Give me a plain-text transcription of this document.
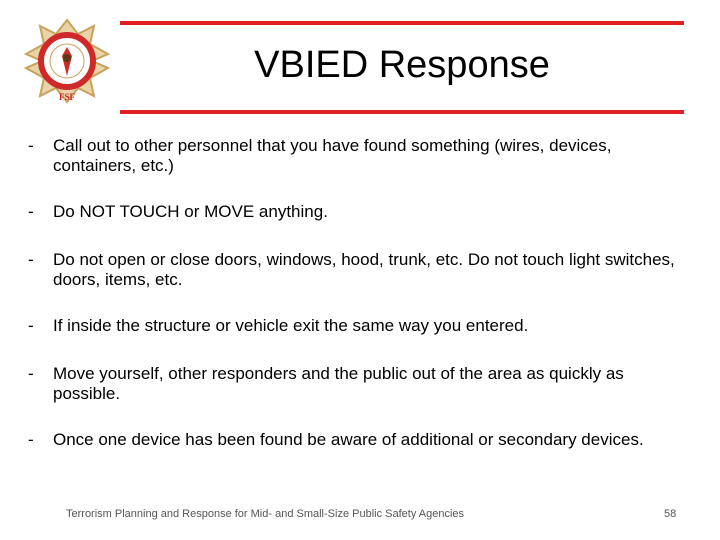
FSF
VBIED Response
- Call out to other personnel that you have found something (wires, devices, containers, etc.)
- Do NOT TOUCH or MOVE anything.
- Do not open or close doors, windows, hood, trunk, etc. Do not touch light switches, doors, items, etc.
- If inside the structure or vehicle exit the same way you entered.
- Move yourself, other responders and the public out of the area as quickly as possible.
- Once one device has been found be aware of additional or secondary devices.
Terrorism Planning and Response for Mid- and Small-Size Public Safety Agencies	58
